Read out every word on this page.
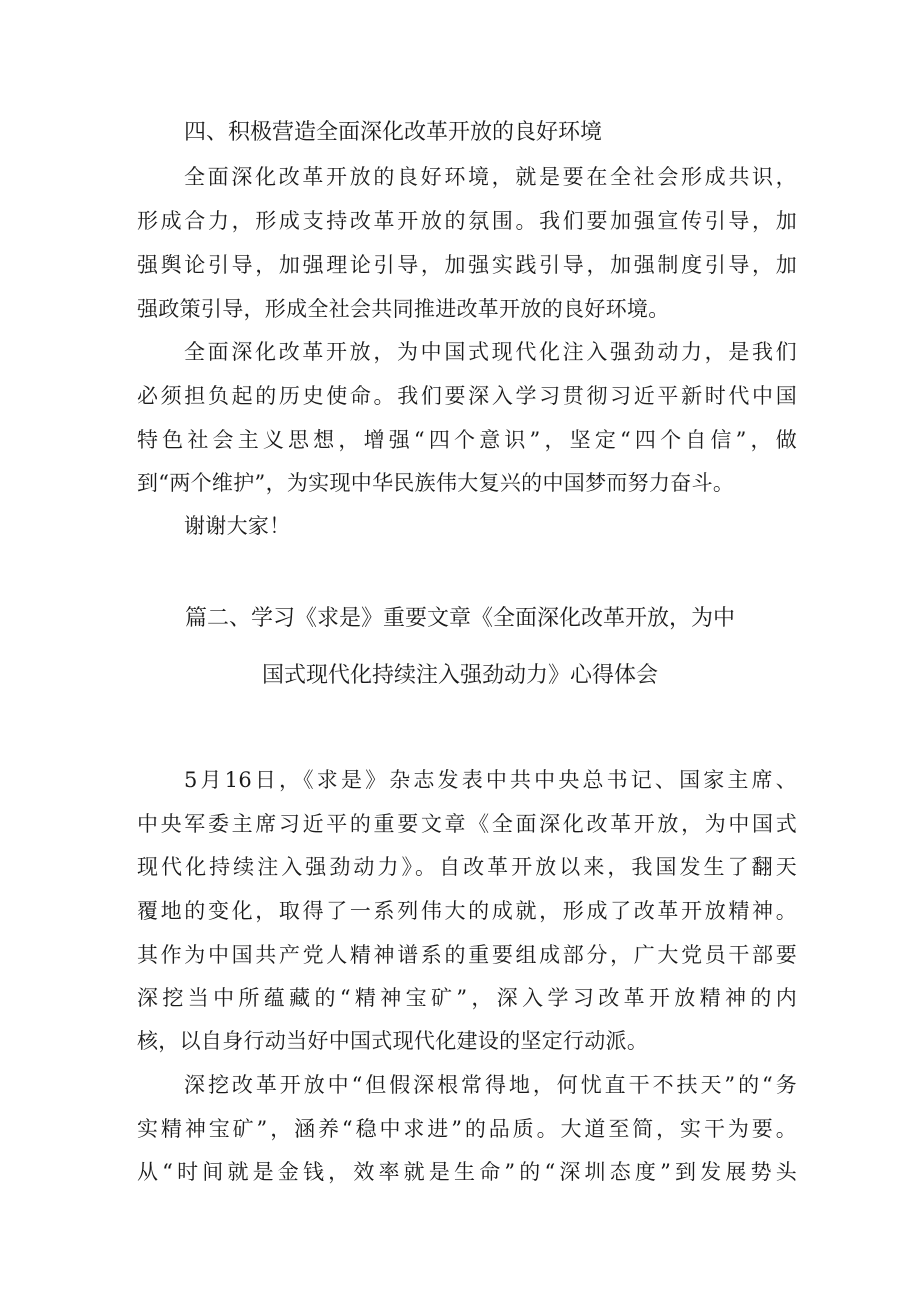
四、积极营造全面深化改革开放的良好环境
全面深化改革开放的良好环境，就是要在全社会形成共识，
形成合力，形成支持改革开放的氛围。我们要加强宣传引导，加
强舆论引导，加强理论引导，加强实践引导，加强制度引导，加
强政策引导，形成全社会共同推进改革开放的良好环境。
全面深化改革开放，为中国式现代化注入强劲动力，是我们
必须担负起的历史使命。我们要深入学习贯彻习近平新时代中国
特色社会主义思想，增强“四个意识”，坚定“四个自信”，做
到“两个维护”，为实现中华民族伟大复兴的中国梦而努力奋斗。
谢谢大家！
篇二、学习《求是》重要文章《全面深化改革开放，为中
国式现代化持续注入强劲动力》心得体会
5月16日，《求是》杂志发表中共中央总书记、国家主席、
中央军委主席习近平的重要文章《全面深化改革开放，为中国式
现代化持续注入强劲动力》。自改革开放以来，我国发生了翻天
覆地的变化，取得了一系列伟大的成就，形成了改革开放精神。
其作为中国共产党人精神谱系的重要组成部分，广大党员干部要
深挖当中所蕴藏的“精神宝矿”，深入学习改革开放精神的内
核，以自身行动当好中国式现代化建设的坚定行动派。
深挖改革开放中“但假深根常得地，何忧直干不扶天”的“务
实精神宝矿”，涵养“稳中求进”的品质。大道至简，实干为要。
从“时间就是金钱，效率就是生命”的“深圳态度”到发展势头
